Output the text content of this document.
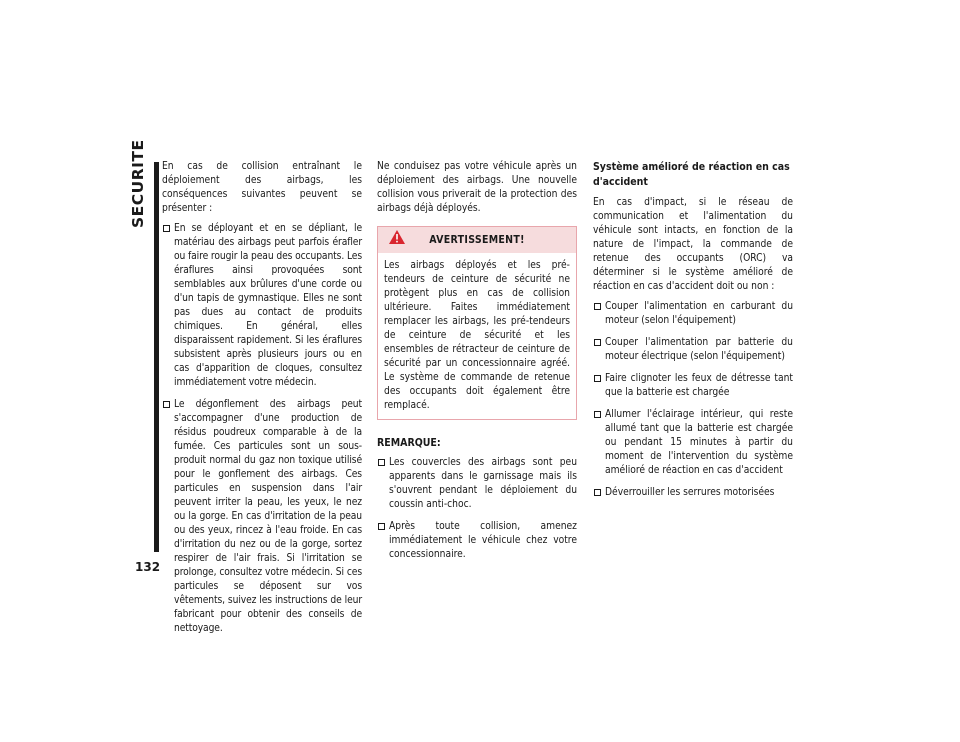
SECURITE
132

En cas de collision entraînant le déploiement des airbags, les conséquences suivantes peuvent se présenter :

En se déployant et en se dépliant, le matériau des airbags peut parfois érafler ou faire rougir la peau des occupants. Les éraflures ainsi provoquées sont semblables aux brûlures d'une corde ou d'un tapis de gymnastique. Elles ne sont pas dues au contact de produits chimiques. En général, elles disparaissent rapidement. Si les éraflures subsistent après plusieurs jours ou en cas d'apparition de cloques, consultez immédiatement votre médecin.
Le dégonflement des airbags peut s'accompagner d'une production de résidus poudreux comparable à de la fumée. Ces particules sont un sous-produit normal du gaz non toxique utilisé pour le gonflement des airbags. Ces particules en suspension dans l'air peuvent irriter la peau, les yeux, le nez ou la gorge. En cas d'irritation de la peau ou des yeux, rincez à l'eau froide. En cas d'irritation du nez ou de la gorge, sortez respirer de l'air frais. Si l'irritation se prolonge, consultez votre médecin. Si ces particules se déposent sur vos vêtements, suivez les instructions de leur fabricant pour obtenir des conseils de nettoyage.

Ne conduisez pas votre véhicule après un déploiement des airbags. Une nouvelle collision vous priverait de la protection des airbags déjà déployés.

AVERTISSEMENT!
Les airbags déployés et les pré-tendeurs de ceinture de sécurité ne protègent plus en cas de collision ultérieure. Faites immédiatement remplacer les airbags, les pré-tendeurs de ceinture de sécurité et les ensembles de rétracteur de ceinture de sécurité par un concessionnaire agréé. Le système de commande de retenue des occupants doit également être remplacé.
REMARQUE:
Les couvercles des airbags sont peu apparents dans le garnissage mais ils s'ouvrent pendant le déploiement du coussin anti-choc.
Après toute collision, amenez immédiatement le véhicule chez votre concessionnaire.
Système amélioré de réaction en cas d'accident

En cas d'impact, si le réseau de communication et l'alimentation du véhicule sont intacts, en fonction de la nature de l'impact, la commande de retenue des occupants (ORC) va déterminer si le système amélioré de réaction en cas d'accident doit ou non :

Couper l'alimentation en carburant du moteur (selon l'équipement)
Couper l'alimentation par batterie du moteur électrique (selon l'équipement)
Faire clignoter les feux de détresse tant que la batterie est chargée
Allumer l'éclairage intérieur, qui reste allumé tant que la batterie est chargée ou pendant 15 minutes à partir du moment de l'intervention du système amélioré de réaction en cas d'accident
Déverrouiller les serrures motorisées
